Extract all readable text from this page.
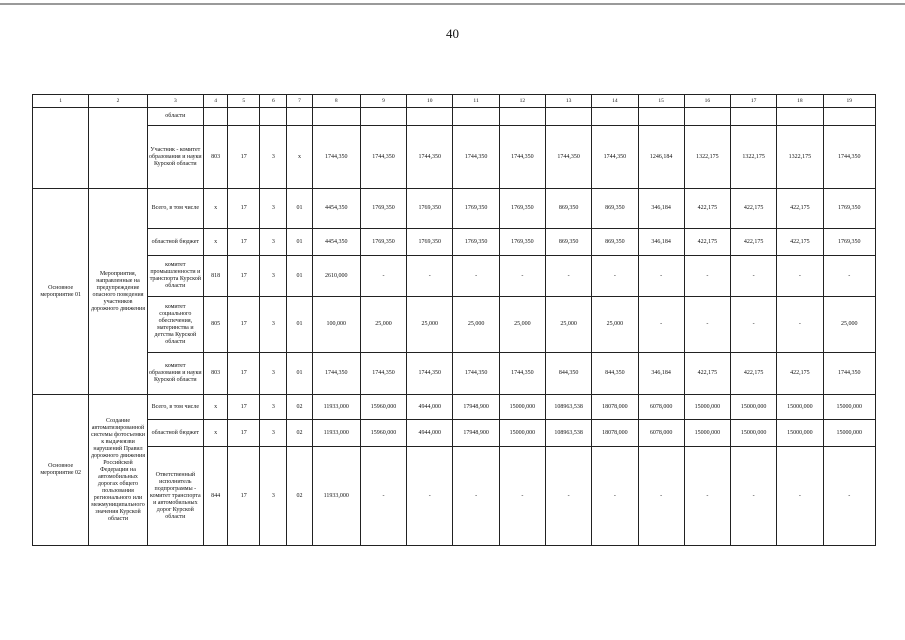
40
1	2	3	4	5	6	7	8	9	10	11	12	13	14	15	16	17	18	19
		области																
		Участник - комитет образования и науки Курской области	803	17	3	x	1744,350	1744,350	1744,350	1744,350	1744,350	1744,350	1744,350	1246,184	1322,175	1322,175	1322,175	1744,350
Основное мероприятие 01	Мероприятия, направленные на предупреждение опасного поведения участников дорожного движения	Всего, в том числе	x	17	3	01	4454,350	1769,350	1769,350	1769,350	1769,350	869,350	869,350	346,184	422,175	422,175	422,175	1769,350
		областной бюджет	x	17	3	01	4454,350	1769,350	1769,350	1769,350	1769,350	869,350	869,350	346,184	422,175	422,175	422,175	1769,350
		комитет промышленности и транспорта Курской области	818	17	3	01	2610,000	-	-	-	-	-	-	-	-	-	-	-
		комитет социального обеспечения, материнства и детства Курской области	805	17	3	01	100,000	25,000	25,000	25,000	25,000	25,000	25,000	-	-	-	-	25,000
		комитет образования и науки Курской области	803	17	3	01	1744,350	1744,350	1744,350	1744,350	1744,350	844,350	844,350	346,184	422,175	422,175	422,175	1744,350
Основное мероприятие 02	Создание автоматизированной системы фотосъемки к выдачеязви нарушений Правил дорожного движения Российской Федерации на автомобильных дорогах общего пользования регионального или межмуниципального значения Курской области	Всего, в том числе	x	17	3	02	11933,000	15960,000	4944,000	17948,900	15000,000	108963,538	18078,000	6078,000	15000,000	15000,000	15000,000	15000,000
		областной бюджет	x	17	3	02	11933,000	15960,000	4944,000	17948,900	15000,000	108963,538	18078,000	6078,000	15000,000	15000,000	15000,000	15000,000
		Ответственный исполнитель подпрограммы - комитет транспорта и автомобильных дорог Курской области	844	17	3	02	11933,000	-	-	-	-	-	-	-	-	-	-	-
